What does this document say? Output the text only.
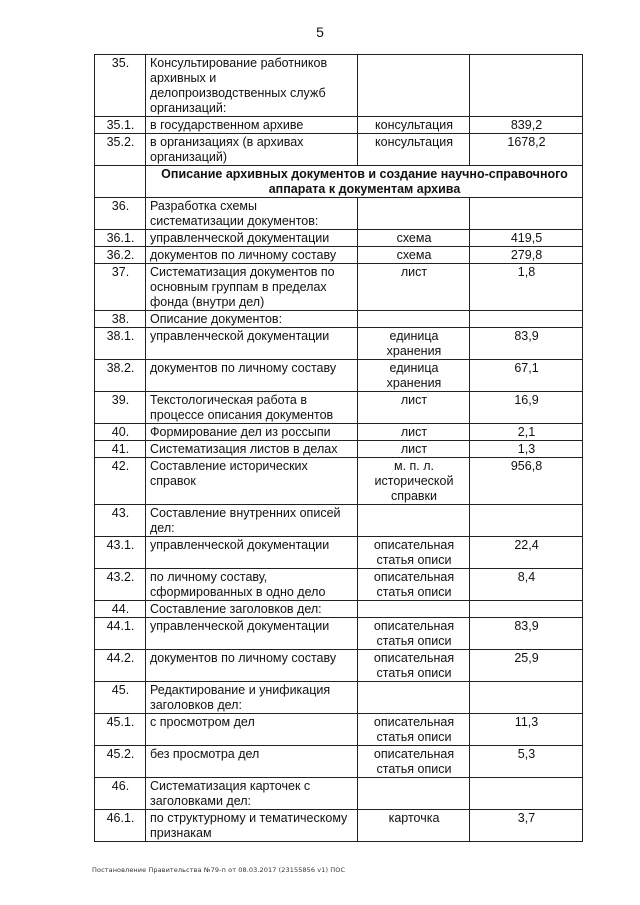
5
35.	Консультирование работников архивных и делопроизводственных служб организаций:		
35.1.	в государственном архиве	консультация	839,2
35.2.	в организациях (в архивах организаций)	консультация	1678,2
	Описание архивных документов и создание научно-справочного аппарата к документам архива		
36.	Разработка схемы систематизации документов:		
36.1.	управленческой документации	схема	419,5
36.2.	документов по личному составу	схема	279,8
37.	Систематизация документов по основным группам в пределах фонда (внутри дел)	лист	1,8
38.	Описание документов:		
38.1.	управленческой документации	единица хранения	83,9
38.2.	документов по личному составу	единица хранения	67,1
39.	Текстологическая работа в процессе описания документов	лист	16,9
40.	Формирование дел из россыпи	лист	2,1
41.	Систематизация листов в делах	лист	1,3
42.	Составление исторических справок	м. п. л. исторической справки	956,8
43.	Составление внутренних описей дел:		
43.1.	управленческой документации	описательная статья описи	22,4
43.2.	по личному составу, сформированных в одно дело	описательная статья описи	8,4
44.	Составление заголовков дел:		
44.1.	управленческой документации	описательная статья описи	83,9
44.2.	документов по личному составу	описательная статья описи	25,9
45.	Редактирование и унификация заголовков дел:		
45.1.	с просмотром дел	описательная статья описи	11,3
45.2.	без просмотра дел	описательная статья описи	5,3
46.	Систематизация карточек с заголовками дел:		
46.1.	по структурному и тематическому признакам	карточка	3,7
Постановление Правительства №79-п от 08.03.2017 (23155856 v1) ПОС
